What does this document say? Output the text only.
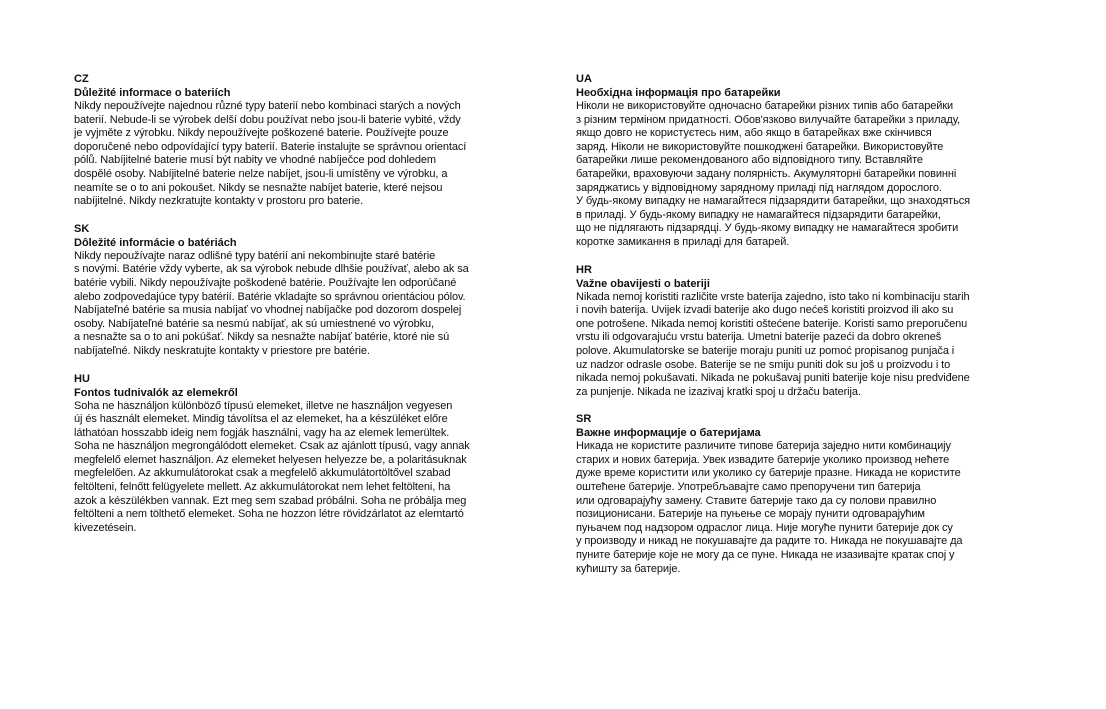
CZ
Důležité informace o bateriích
Nikdy nepoužívejte najednou různé typy baterií nebo kombinaci starých a nových
baterií. Nebude-li se výrobek delší dobu používat nebo jsou-li baterie vybité, vždy
je vyjměte z výrobku. Nikdy nepoužívejte poškozené baterie. Používejte pouze
doporučené nebo odpovídající typy baterií. Baterie instalujte se správnou orientací
pólů. Nabíjitelné baterie musí být nabity ve vhodné nabíječce pod dohledem
dospělé osoby. Nabíjitelné baterie nelze nabíjet, jsou-li umístěny ve výrobku, a
neamíte se o to ani pokoušet. Nikdy se nesnažte nabíjet baterie, které nejsou
nabíjitelné. Nikdy nezkratujte kontakty v prostoru pro baterie.
SK
Dôležité informácie o batériách
Nikdy nepoužívajte naraz odlišné typy batérií ani nekombinujte staré batérie
s novými. Batérie vždy vyberte, ak sa výrobok nebude dlhšie používať, alebo ak sa
batérie vybili. Nikdy nepoužívajte poškodené batérie. Používajte len odporúčané
alebo zodpovedajúce typy batérií. Batérie vkladajte so správnou orientáciou pólov.
Nabíjateľné batérie sa musia nabíjať vo vhodnej nabíjačke pod dozorom dospelej
osoby. Nabíjateľné batérie sa nesmú nabíjať, ak sú umiestnené vo výrobku,
a nesnažte sa o to ani pokúšať. Nikdy sa nesnažte nabíjať batérie, ktoré nie sú
nabíjateľné. Nikdy neskratujte kontakty v priestore pre batérie.
HU
Fontos tudnivalók az elemekről
Soha ne használjon különböző típusú elemeket, illetve ne használjon vegyesen
új és használt elemeket. Mindig távolítsa el az elemeket, ha a készüléket előre
láthatóan hosszabb ideig nem fogják használni, vagy ha az elemek lemerültek.
Soha ne használjon megrongálódott elemeket. Csak az ajánlott típusú, vagy annak
megfelelő elemet használjon. Az elemeket helyesen helyezze be, a polaritásuknak
megfelelően. Az akkumulátorokat csak a megfelelő akkumulátortöltővel szabad
feltölteni, felnőtt felügyelete mellett. Az akkumulátorokat nem lehet feltölteni, ha
azok a készülékben vannak. Ezt meg sem szabad próbálni. Soha ne próbálja meg
feltölteni a nem tölthető elemeket. Soha ne hozzon létre rövidzárlatot az elemtartó
kivezetésein.
UA
Необхідна інформація про батарейки
Ніколи не використовуйте одночасно батарейки різних типів або батарейки
з різним терміном придатності. Обов'язково вилучайте батарейки з приладу,
якщо довго не користуєтесь ним, або якщо в батарейках вже скінчився
заряд. Ніколи не використовуйте пошкоджені батарейки. Використовуйте
батарейки лише рекомендованого або відповідного типу. Вставляйте
батарейки, враховуючи задану полярність. Акумуляторні батарейки повинні
заряджатись у відповідному зарядному приладі під наглядом дорослого.
У будь-якому випадку не намагайтеся підзарядити батарейки, що знаходяться
в приладі. У будь-якому випадку не намагайтеся підзарядити батарейки,
що не підлягають підзарядці. У будь-якому випадку не намагайтеся зробити
коротке замикання в приладі для батарей.
HR
Važne obavijesti o bateriji
Nikada nemoj koristiti različite vrste baterija zajedno, isto tako ni kombinaciju starih
i novih baterija. Uvijek izvadi baterije ako dugo nećeš koristiti proizvod ili ako su
one potrošene. Nikada nemoj koristiti oštećene baterije. Koristi samo preporučenu
vrstu ili odgovarajuću vrstu baterija. Umetni baterije pazeći da dobro okreneš
polove. Akumulatorske se baterije moraju puniti uz pomoć propisanog punjača i
uz nadzor odrasle osobe. Baterije se ne smiju puniti dok su još u proizvodu i to
nikada nemoj pokušavati. Nikada ne pokušavaj puniti baterije koje nisu predviđene
za punjenje. Nikada ne izazivaj kratki spoj u držaču baterija.
SR
Важне информације о батеријама
Никада не користите различите типове батерија заједно нити комбинацију
старих и нових батерија. Увек извадите батерије уколико производ нећете
дуже време користити или уколико су батерије празне. Никада не користите
оштећене батерије. Употребљавајте само препоручени тип батерија
или одговарајућу замену. Ставите батерије тако да су полови правилно
позиционисани. Батерије на пуњење се морају пунити одговарајућим
пуњачем под надзором одраслог лица. Није могуће пунити батерије док су
у производу и никад не покушавајте да радите то. Никада не покушавајте да
пуните батерије које не могу да се пуне. Никада не изазивајте кратак спој у
кућишту за батерије.
